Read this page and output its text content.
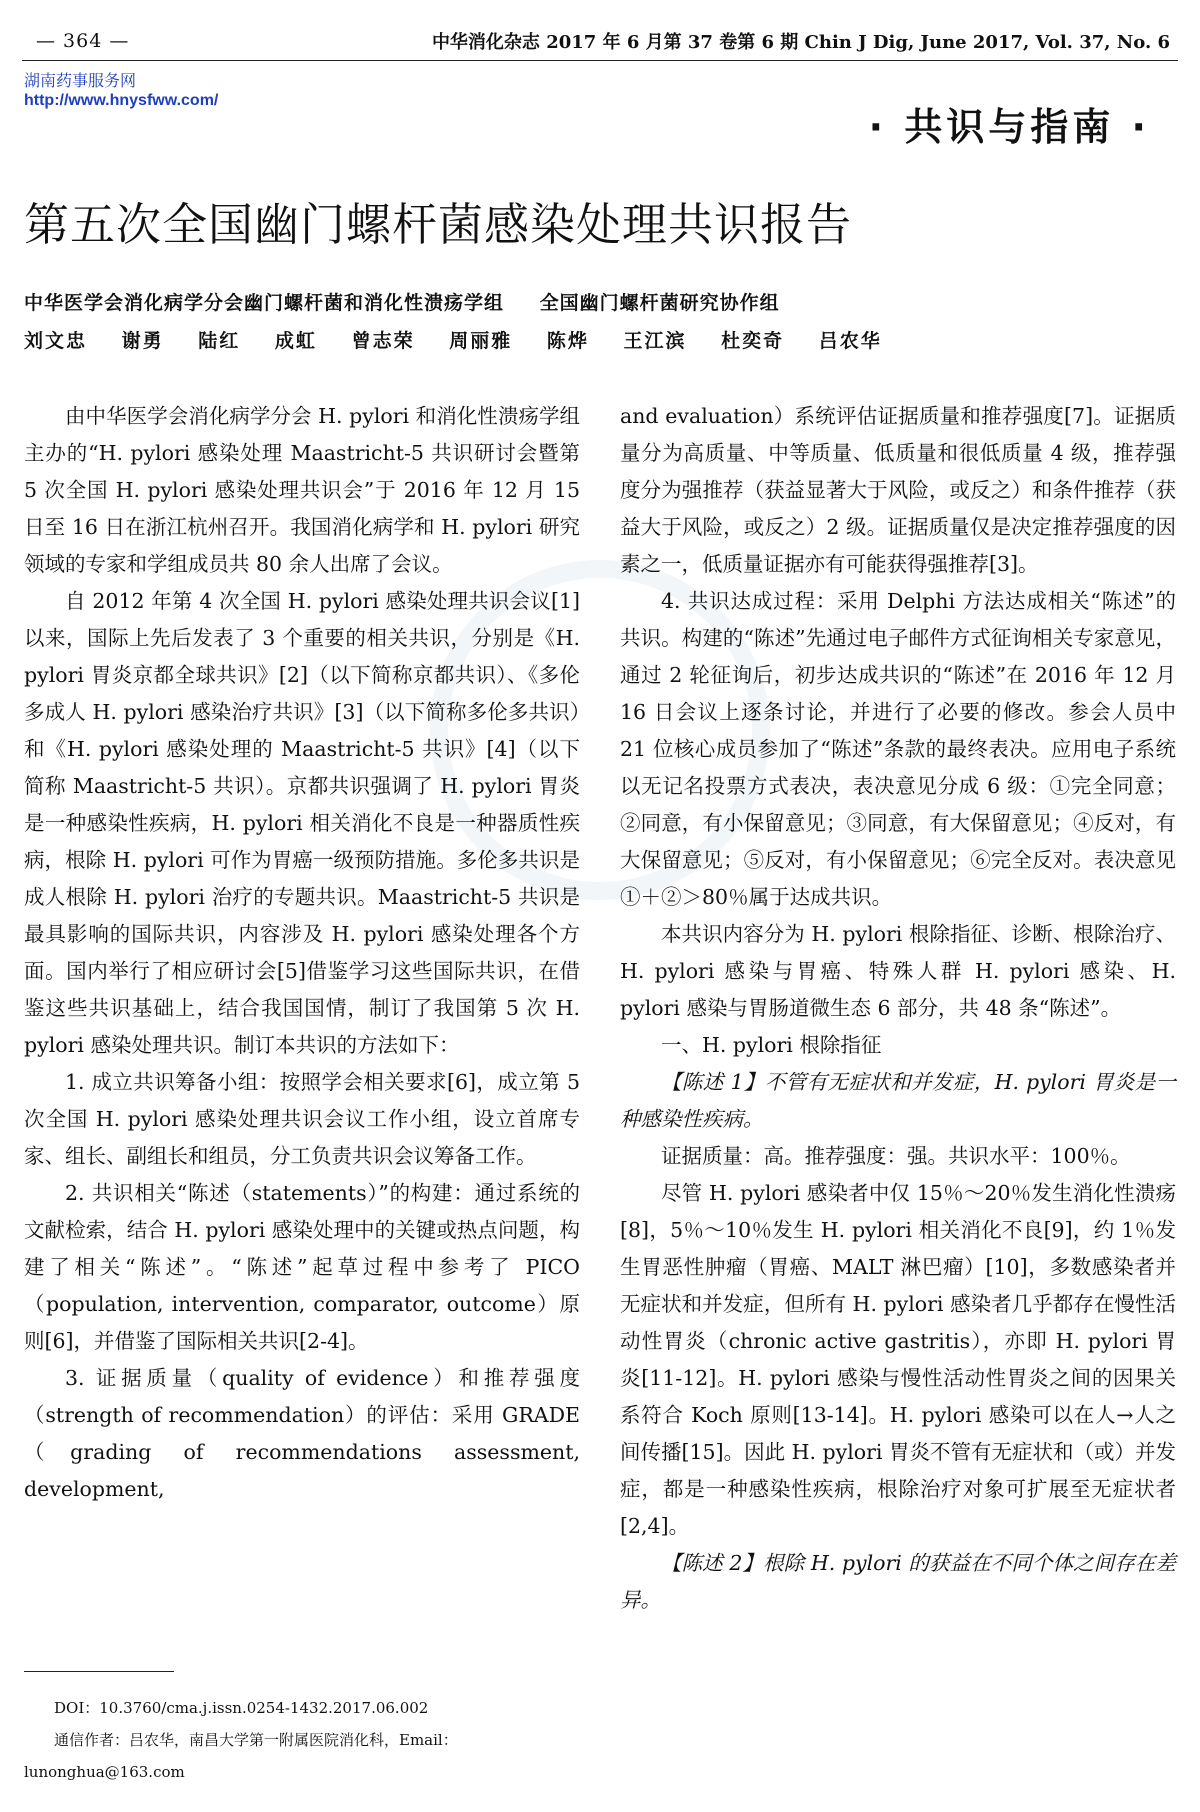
— 364 —	中华消化杂志 2017 年 6 月第 37 卷第 6 期 Chin J Dig, June 2017, Vol. 37, No. 6
湖南药事服务网
http://www.hnysfww.com/
· 共识与指南 ·
第五次全国幽门螺杆菌感染处理共识报告
中华医学会消化病学分会幽门螺杆菌和消化性溃疡学组 全国幽门螺杆菌研究协作组
刘文忠 谢勇 陆红 成虹 曾志荣 周丽雅 陈烨 王江滨 杜奕奇 吕农华

由中华医学会消化病学分会 H. pylori 和消化性溃疡学组主办的“H. pylori 感染处理 Maastricht-5 共识研讨会暨第 5 次全国 H. pylori 感染处理共识会”于 2016 年 12 月 15 日至 16 日在浙江杭州召开。我国消化病学和 H. pylori 研究领域的专家和学组成员共 80 余人出席了会议。

自 2012 年第 4 次全国 H. pylori 感染处理共识会议[1]以来，国际上先后发表了 3 个重要的相关共识，分别是《H. pylori 胃炎京都全球共识》[2]（以下简称京都共识）、《多伦多成人 H. pylori 感染治疗共识》[3]（以下简称多伦多共识）和《H. pylori 感染处理的 Maastricht-5 共识》[4]（以下简称 Maastricht-5 共识）。京都共识强调了 H. pylori 胃炎是一种感染性疾病，H. pylori 相关消化不良是一种器质性疾病，根除 H. pylori 可作为胃癌一级预防措施。多伦多共识是成人根除 H. pylori 治疗的专题共识。Maastricht-5 共识是最具影响的国际共识，内容涉及 H. pylori 感染处理各个方面。国内举行了相应研讨会[5]借鉴学习这些国际共识，在借鉴这些共识基础上，结合我国国情，制订了我国第 5 次 H. pylori 感染处理共识。制订本共识的方法如下：

1. 成立共识筹备小组：按照学会相关要求[6]，成立第 5 次全国 H. pylori 感染处理共识会议工作小组，设立首席专家、组长、副组长和组员，分工负责共识会议筹备工作。

2. 共识相关“陈述（statements）”的构建：通过系统的文献检索，结合 H. pylori 感染处理中的关键或热点问题，构建了相关“陈述”。“陈述”起草过程中参考了 PICO（population, intervention, comparator, outcome）原则[6]，并借鉴了国际相关共识[2-4]。

3. 证据质量（quality of evidence）和推荐强度（strength of recommendation）的评估：采用 GRADE（grading of recommendations assessment, development,

and evaluation）系统评估证据质量和推荐强度[7]。证据质量分为高质量、中等质量、低质量和很低质量 4 级，推荐强度分为强推荐（获益显著大于风险，或反之）和条件推荐（获益大于风险，或反之）2 级。证据质量仅是决定推荐强度的因素之一，低质量证据亦有可能获得强推荐[3]。

4. 共识达成过程：采用 Delphi 方法达成相关“陈述”的共识。构建的“陈述”先通过电子邮件方式征询相关专家意见，通过 2 轮征询后，初步达成共识的“陈述”在 2016 年 12 月 16 日会议上逐条讨论，并进行了必要的修改。参会人员中 21 位核心成员参加了“陈述”条款的最终表决。应用电子系统以无记名投票方式表决，表决意见分成 6 级：①完全同意；②同意，有小保留意见；③同意，有大保留意见；④反对，有大保留意见；⑤反对，有小保留意见；⑥完全反对。表决意见①＋②＞80％属于达成共识。

本共识内容分为 H. pylori 根除指征、诊断、根除治疗、H. pylori 感染与胃癌、特殊人群 H. pylori 感染、H. pylori 感染与胃肠道微生态 6 部分，共 48 条“陈述”。

一、H. pylori 根除指征

【陈述 1】不管有无症状和并发症，H. pylori 胃炎是一种感染性疾病。

证据质量：高。推荐强度：强。共识水平：100％。

尽管 H. pylori 感染者中仅 15％～20％发生消化性溃疡[8]，5％～10％发生 H. pylori 相关消化不良[9]，约 1％发生胃恶性肿瘤（胃癌、MALT 淋巴瘤）[10]，多数感染者并无症状和并发症，但所有 H. pylori 感染者几乎都存在慢性活动性胃炎（chronic active gastritis），亦即 H. pylori 胃炎[11-12]。H. pylori 感染与慢性活动性胃炎之间的因果关系符合 Koch 原则[13-14]。H. pylori 感染可以在人→人之间传播[15]。因此 H. pylori 胃炎不管有无症状和（或）并发症，都是一种感染性疾病，根除治疗对象可扩展至无症状者[2,4]。

【陈述 2】根除 H. pylori 的获益在不同个体之间存在差异。

DOI：10.3760/cma.j.issn.0254-1432.2017.06.002
通信作者：吕农华，南昌大学第一附属医院消化科，Email：
lunonghua@163.com
